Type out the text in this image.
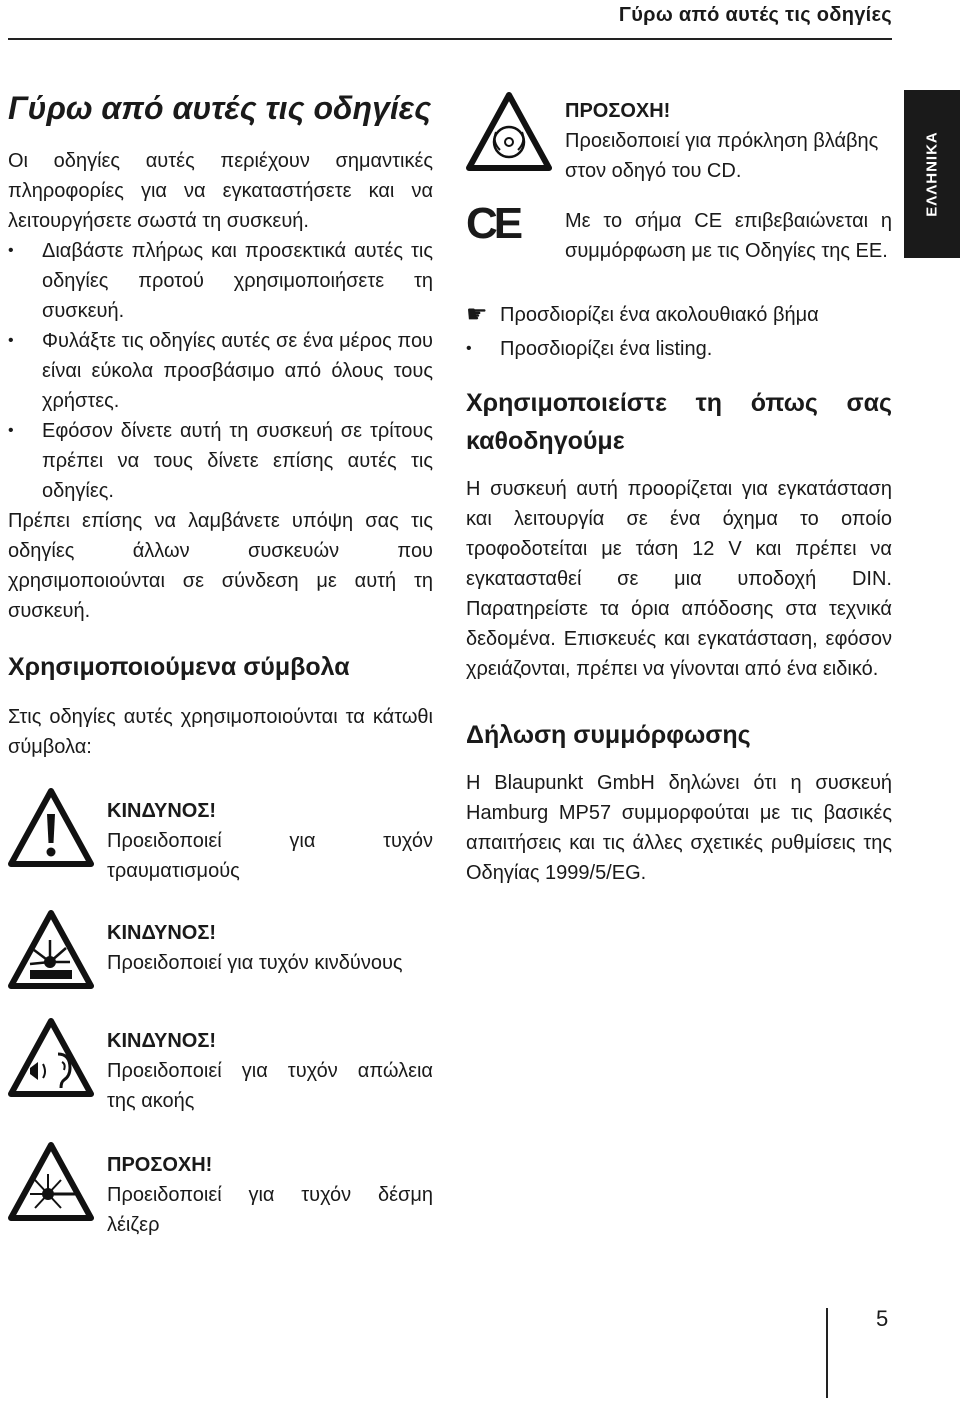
Γύρω από αυτές τις οδηγίες
ΕΛΛΗΝΙΚΑ
Γύρω από αυτές τις οδηγίες

Οι οδηγίες αυτές περιέχουν σημαντικές πληροφορίες για να εγκαταστήσετε και να λειτουργήσετε σωστά τη συσκευή.

• Διαβάστε πλήρως και προσεκτικά αυτές τις οδηγίες προτού χρησιμοποιήσετε τη συσκευή.
• Φυλάξτε τις οδηγίες αυτές σε ένα μέρος που είναι εύκολα προσβάσιμο από όλους τους χρήστες.
• Εφόσον δίνετε αυτή τη συσκευή σε τρίτους πρέπει να τους δίνετε επίσης αυτές τις οδηγίες.

Πρέπει επίσης να λαμβάνετε υπόψη σας τις οδηγίες άλλων συσκευών που χρησιμοποιούνται σε σύνδεση με αυτή τη συσκευή.

Χρησιμοποιούμενα σύμβολα

Στις οδηγίες αυτές χρησιμοποιούνται τα κάτωθι σύμβολα:

ΚΙΝΔΥΝΟΣ!

Προειδοποιεί για τυχόν

τραυματισμούς

ΚΙΝΔΥΝΟΣ!

Προειδοποιεί για τυχόν κινδύνους

ΚΙΝΔΥΝΟΣ!

Προειδοποιεί για τυχόν απώλεια

της ακοής

ΠΡΟΣΟΧΗ!

Προειδοποιεί για τυχόν δέσμη

λέιζερ

ΠΡΟΣΟΧΗ!

Προειδοποιεί για πρόκληση βλάβης

στον οδηγό του CD.

CE Με το σήμα CE επιβεβαιώνεται η συμμόρφωση με τις Οδηγίες της ΕΕ.

☛ Προσδιορίζει ένα ακολουθιακό βήμα

• Προσδιορίζει ένα listing.
Χρησιμοποιείστε τη όπως σας
καθοδηγούμε

Η συσκευή αυτή προορίζεται για εγκατάσταση και λειτουργία σε ένα όχημα το οποίο τροφοδοτείται με τάση 12 V και πρέπει να εγκατασταθεί σε μια υποδοχή DIN. Παρατηρείστε τα όρια απόδοσης στα τεχνικά δεδομένα. Επισκευές και εγκατάσταση, εφόσον χρειάζονται, πρέπει να γίνονται από ένα ειδικό.

Δήλωση συμμόρφωσης

Η Blaupunkt GmbH δηλώνει ότι η συσκευή Hamburg MP57 συμμορφούται με τις βασικές απαιτήσεις και τις άλλες σχετικές ρυθμίσεις της Οδηγίας 1999/5/EG.

5
